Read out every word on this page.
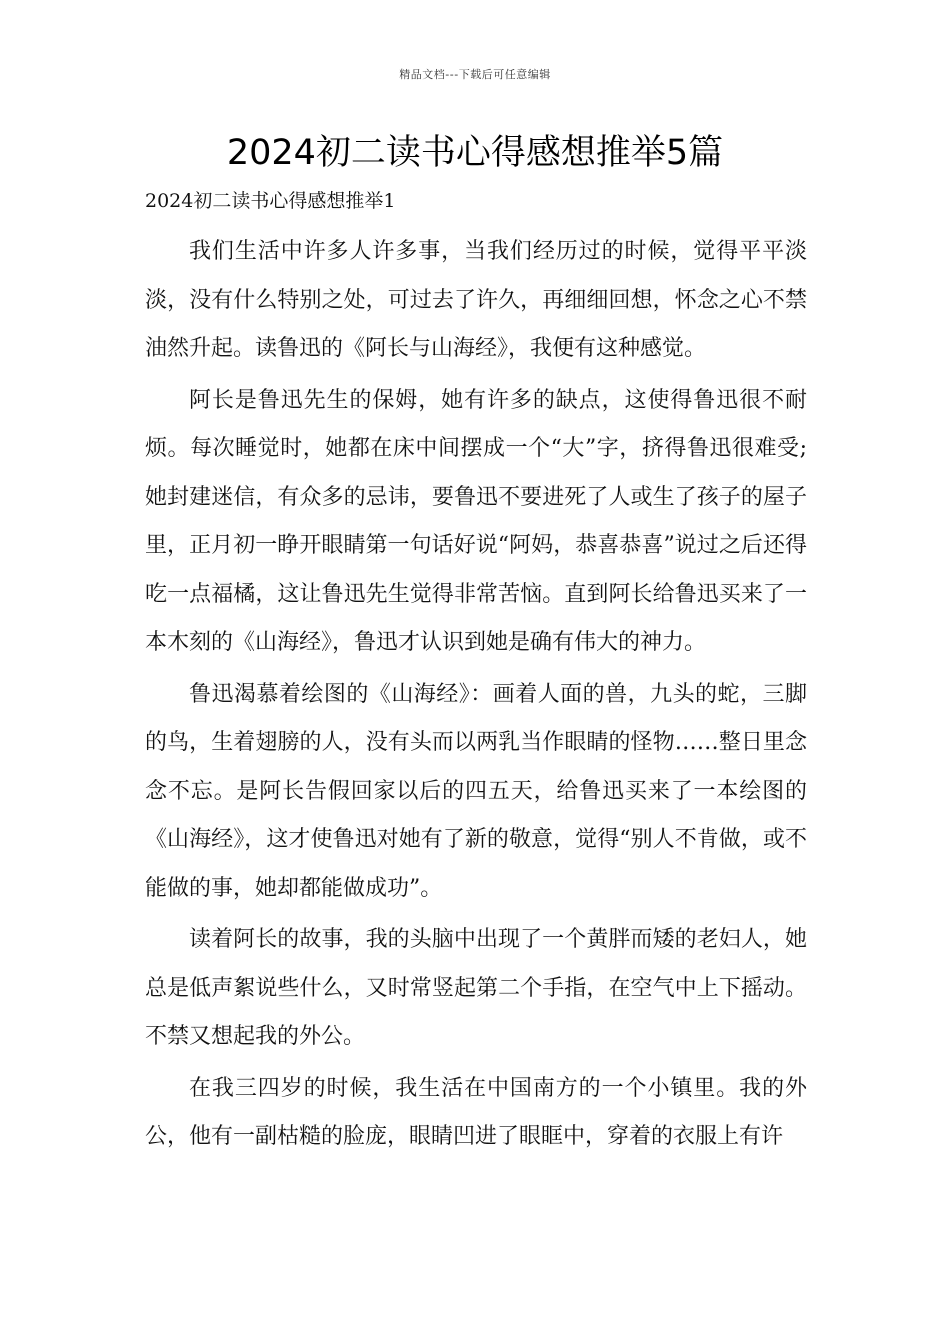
精品文档---下载后可任意编辑
2024初二读书心得感想推举5篇

2024初二读书心得感想推举1

我们生活中许多人许多事，当我们经历过的时候，觉得平平淡淡，没有什么特别之处，可过去了许久，再细细回想，怀念之心不禁油然升起。读鲁迅的《阿长与山海经》，我便有这种感觉。

阿长是鲁迅先生的保姆，她有许多的缺点，这使得鲁迅很不耐烦。每次睡觉时，她都在床中间摆成一个“大”字，挤得鲁迅很难受;她封建迷信，有众多的忌讳，要鲁迅不要进死了人或生了孩子的屋子里，正月初一睁开眼睛第一句话好说“阿妈，恭喜恭喜”说过之后还得吃一点福橘，这让鲁迅先生觉得非常苦恼。直到阿长给鲁迅买来了一本木刻的《山海经》，鲁迅才认识到她是确有伟大的神力。

鲁迅渴慕着绘图的《山海经》：画着人面的兽，九头的蛇，三脚的鸟，生着翅膀的人，没有头而以两乳当作眼睛的怪物……整日里念念不忘。是阿长告假回家以后的四五天，给鲁迅买来了一本绘图的《山海经》，这才使鲁迅对她有了新的敬意，觉得“别人不肯做，或不能做的事，她却都能做成功”。

读着阿长的故事，我的头脑中出现了一个黄胖而矮的老妇人，她总是低声絮说些什么，又时常竖起第二个手指，在空气中上下摇动。不禁又想起我的外公。

在我三四岁的时候，我生活在中国南方的一个小镇里。我的外公，他有一副枯糙的脸庞，眼睛凹进了眼眶中，穿着的衣服上有许
